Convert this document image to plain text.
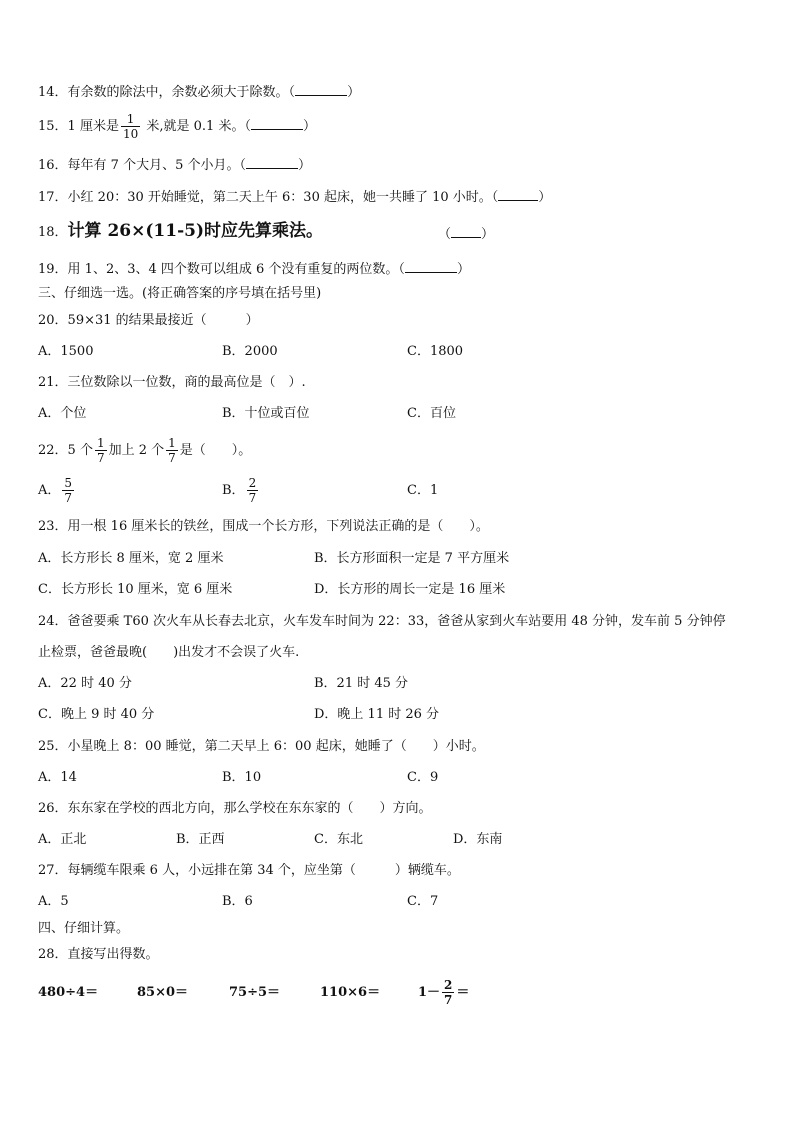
14．有余数的除法中，余数必须大于除数。（	）
15．1 厘米是 $\frac{1}{10}$ 米,就是 0.1 米。（	）
16．每年有 7 个大月、5 个小月。（	）
17．小红 20：30 开始睡觉，第二天上午 6：30 起床，她一共睡了 10 小时。（	）
18．计算 26×(11-5)时应先算乘法。	（ ）
19．用 1、2、3、4 四个数可以组成 6 个没有重复的两位数。（	）
三、仔细选一选。(将正确答案的序号填在括号里)
20．59×31 的结果最接近（　　　）
A．1500	B．2000	C．1800
21．三位数除以一位数，商的最高位是（　）.
A．个位	B．十位或百位	C．百位
22．5 个 $\frac{1}{7}$ 加上 2 个 $\frac{1}{7}$ 是（　　）。
A． $\frac{5}{7}$	B． $\frac{2}{7}$	C．1
23．用一根 16 厘米长的铁丝，围成一个长方形，下列说法正确的是（　　）。
A．长方形长 8 厘米，宽 2 厘米	B．长方形面积一定是 7 平方厘米
C．长方形长 10 厘米，宽 6 厘米	D．长方形的周长一定是 16 厘米
24．爸爸要乘 T60 次火车从长春去北京，火车发车时间为 22：33，爸爸从家到火车站要用 48 分钟，发车前 5 分钟停
止检票，爸爸最晚(　　)出发才不会误了火车.
A．22 时 40 分	B．21 时 45 分
C．晚上 9 时 40 分	D．晚上 11 时 26 分
25．小星晚上 8：00 睡觉，第二天早上 6：00 起床，她睡了（　　）小时。
A．14	B．10	C．9
26．东东家在学校的西北方向，那么学校在东东家的（　　）方向。
A．正北	B．正西	C．东北	D．东南
27．每辆缆车限乘 6 人，小远排在第 34 个，应坐第（　　　）辆缆车。
A．5	B．6	C．7
四、仔细计算。
28．直接写出得数。
480÷4＝	85×0＝	75÷5＝	110×6＝	$1- \frac{2}{7}$ ＝
